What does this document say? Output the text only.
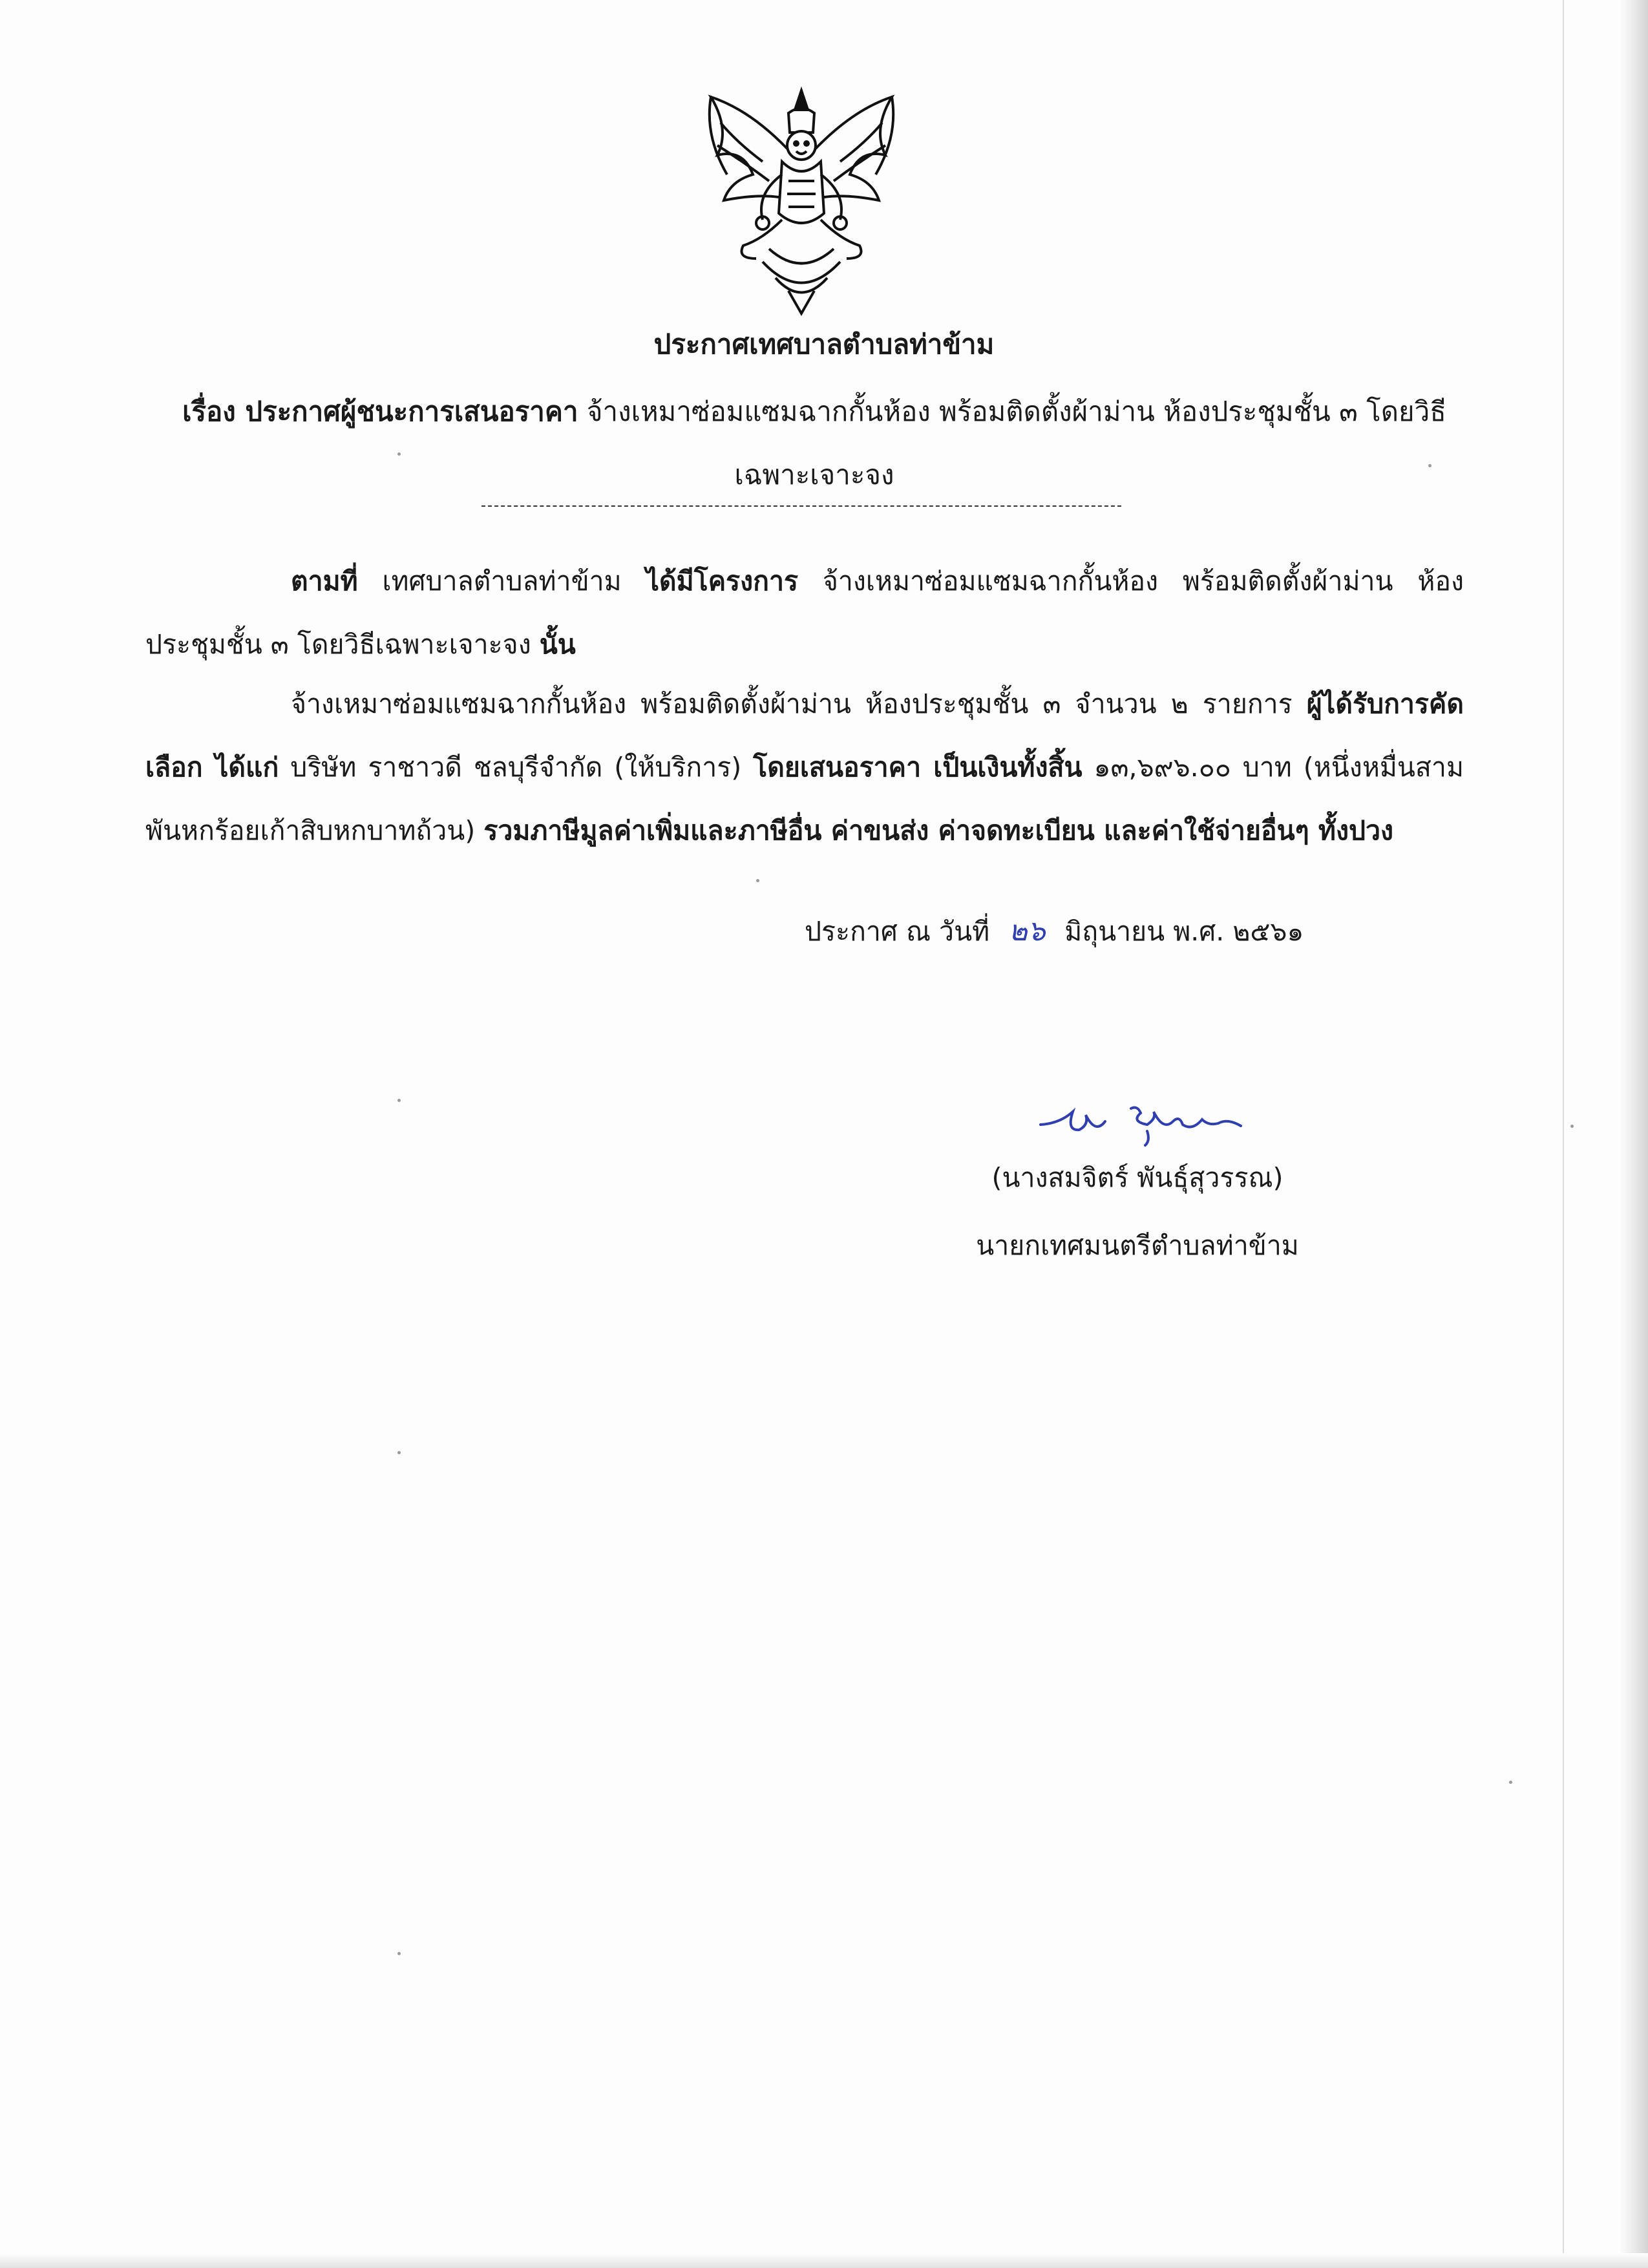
ประกาศเทศบาลตำบลท่าข้าม
เรื่อง ประกาศผู้ชนะการเสนอราคา จ้างเหมาซ่อมแซมฉากกั้นห้อง พร้อมติดตั้งผ้าม่าน ห้องประชุมชั้น ๓ โดยวิธีเฉพาะเจาะจง
ตามที่ เทศบาลตำบลท่าข้าม ได้มีโครงการ จ้างเหมาซ่อมแซมฉากกั้นห้อง พร้อมติดตั้งผ้าม่าน ห้องประชุมชั้น ๓ โดยวิธีเฉพาะเจาะจง นั้น
จ้างเหมาซ่อมแซมฉากกั้นห้อง พร้อมติดตั้งผ้าม่าน ห้องประชุมชั้น ๓ จำนวน ๒ รายการ ผู้ได้รับการคัดเลือก ได้แก่ บริษัท ราชาวดี ชลบุรีจำกัด (ให้บริการ) โดยเสนอราคา เป็นเงินทั้งสิ้น ๑๓,๖๙๖.๐๐ บาท (หนึ่งหมื่นสามพันหกร้อยเก้าสิบหกบาทถ้วน) รวมภาษีมูลค่าเพิ่มและภาษีอื่น ค่าขนส่ง ค่าจดทะเบียน และค่าใช้จ่ายอื่นๆ ทั้งปวง
ประกาศ ณ วันที่ ๒๖ มิถุนายน พ.ศ. ๒๕๖๑
(นางสมจิตร์ พันธุ์สุวรรณ)
นายกเทศมนตรีตำบลท่าข้าม
